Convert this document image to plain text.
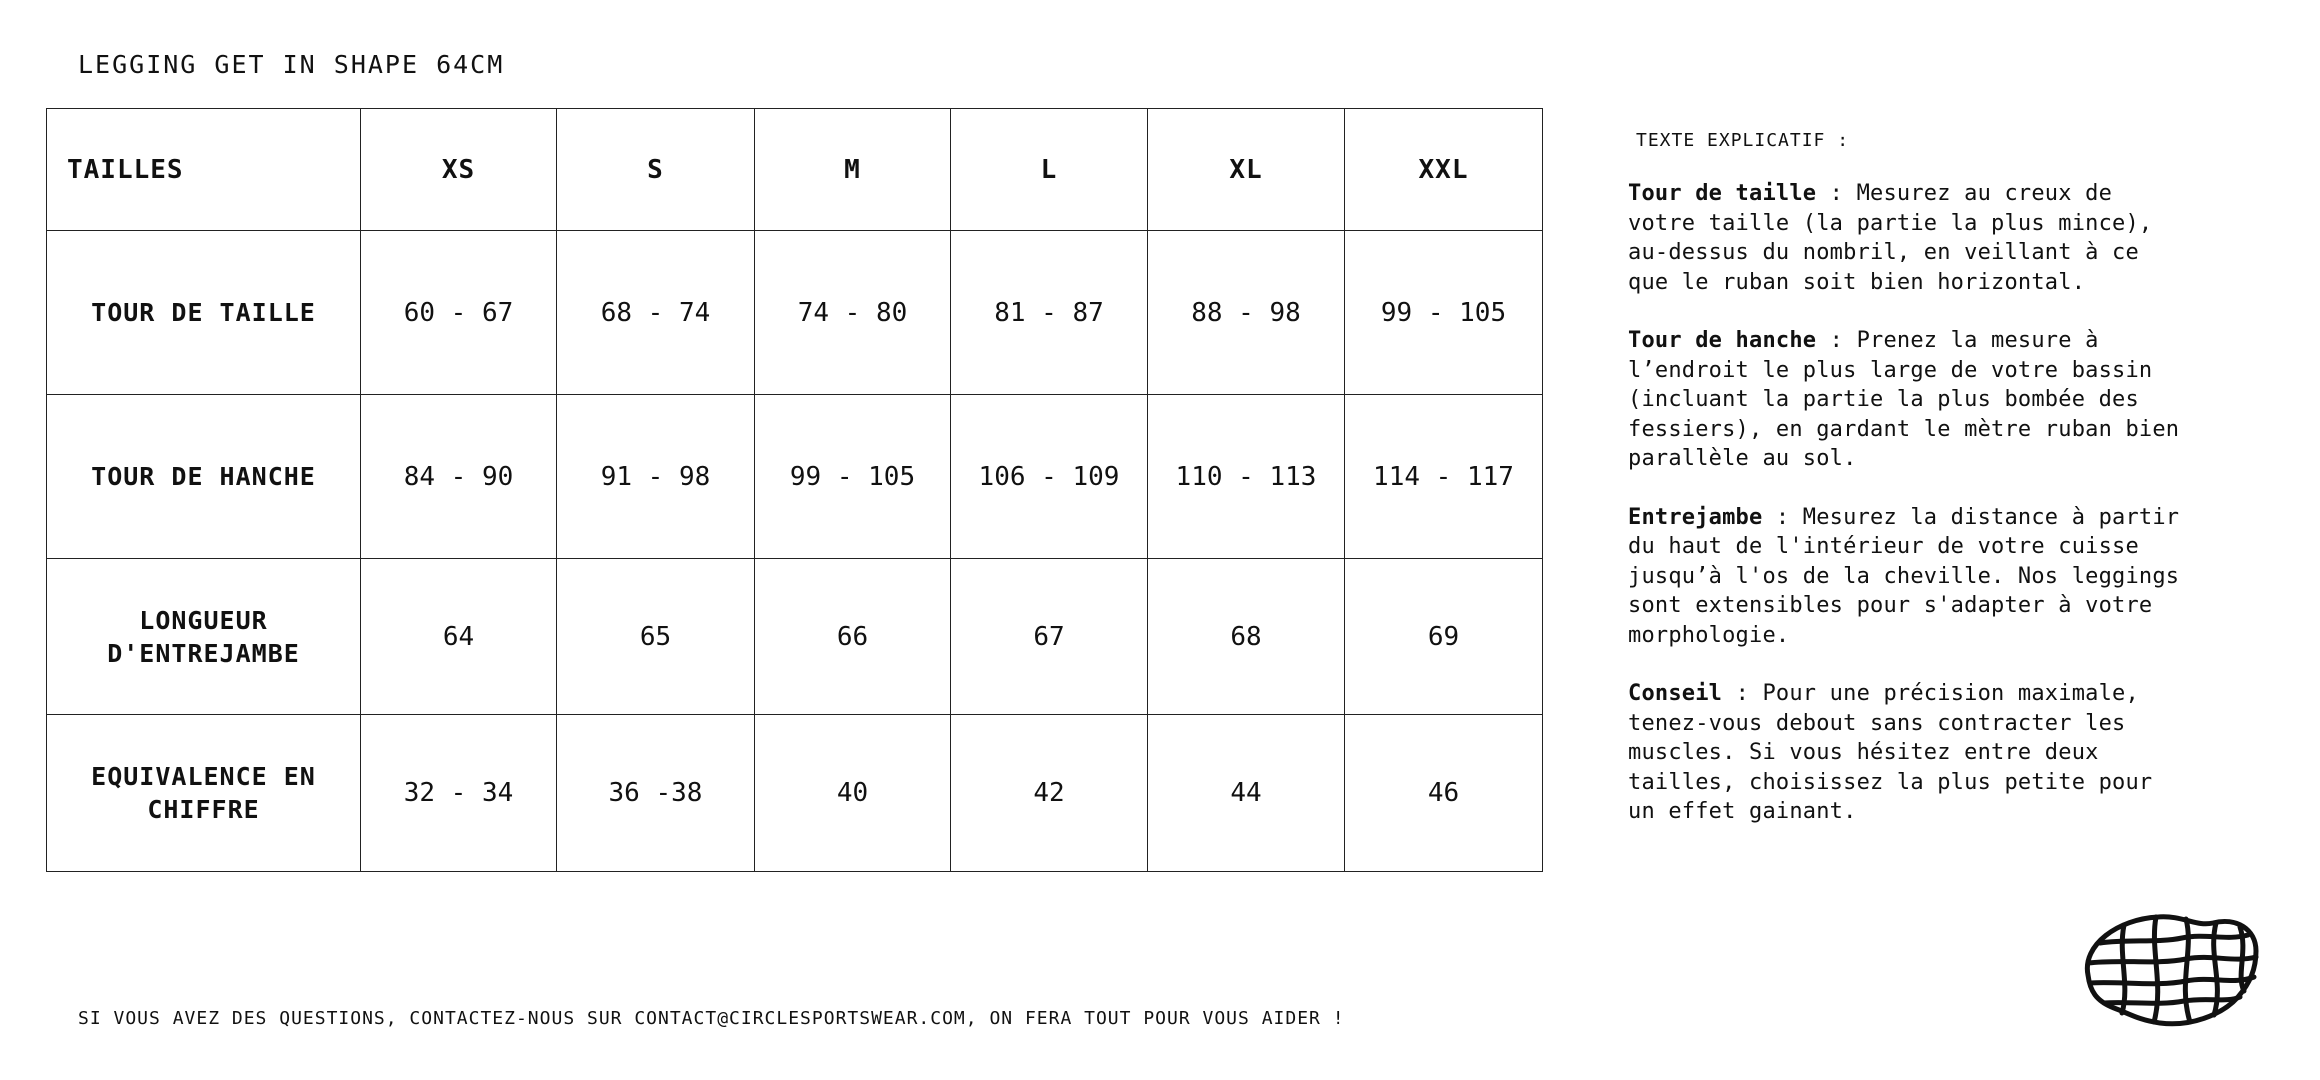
LEGGING GET IN SHAPE 64CM
TAILLES	XS	S	M	L	XL	XXL
TOUR DE TAILLE	60 - 67	68 - 74	74 - 80	81 - 87	88 - 98	99 - 105
TOUR DE HANCHE	84 - 90	91 - 98	99 - 105	106 - 109	110 - 113	114 - 117
LONGUEUR
D'ENTREJAMBE	64	65	66	67	68	69
EQUIVALENCE EN
CHIFFRE	32 - 34	36 -38	40	42	44	46
TEXTE EXPLICATIF :

Tour de taille : Mesurez au creux de votre taille (la partie la plus mince), au-dessus du nombril, en veillant à ce que le ruban soit bien horizontal.

Tour de hanche : Prenez la mesure à l’endroit le plus large de votre bassin (incluant la partie la plus bombée des fessiers), en gardant le mètre ruban bien parallèle au sol.

Entrejambe : Mesurez la distance à partir du haut de l'intérieur de votre cuisse jusqu’à l'os de la cheville. Nos leggings sont extensibles pour s'adapter à votre morphologie.

Conseil : Pour une précision maximale, tenez-vous debout sans contracter les muscles. Si vous hésitez entre deux tailles, choisissez la plus petite pour un effet gainant.

SI VOUS AVEZ DES QUESTIONS, CONTACTEZ-NOUS SUR CONTACT@CIRCLESPORTSWEAR.COM, ON FERA TOUT POUR VOUS AIDER !
